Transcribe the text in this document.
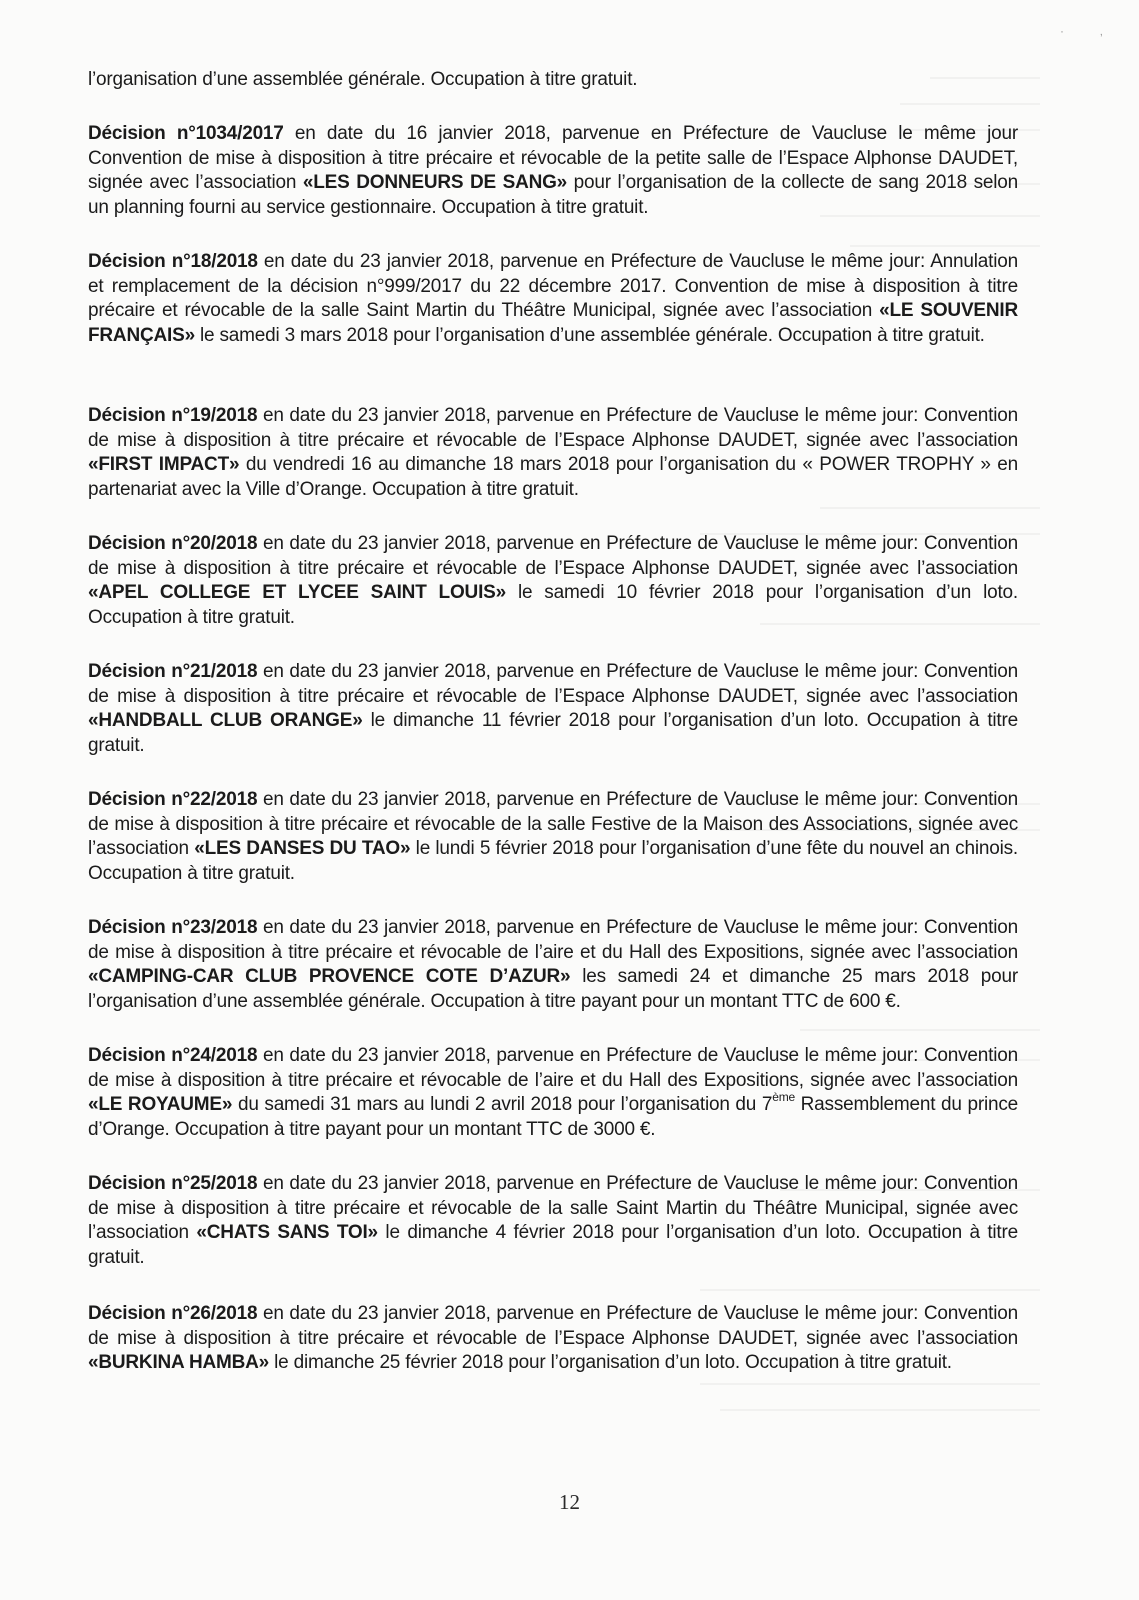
·	‚
l’organisation d’une assemblée générale. Occupation à titre gratuit.
Décision n°1034/2017 en date du 16 janvier 2018, parvenue en Préfecture de Vaucluse le même jour Convention de mise à disposition à titre précaire et révocable de la petite salle de l’Espace Alphonse DAUDET, signée avec l’association «LES DONNEURS DE SANG» pour l’organisation de la collecte de sang 2018 selon un planning fourni au service gestionnaire. Occupation à titre gratuit.
Décision n°18/2018 en date du 23 janvier 2018, parvenue en Préfecture de Vaucluse le même jour: Annulation et remplacement de la décision n°999/2017 du 22 décembre 2017. Convention de mise à disposition à titre précaire et révocable de la salle Saint Martin du Théâtre Municipal, signée avec l’association «LE SOUVENIR FRANÇAIS» le samedi 3 mars 2018 pour l’organisation d’une assemblée générale. Occupation à titre gratuit.
Décision n°19/2018 en date du 23 janvier 2018, parvenue en Préfecture de Vaucluse le même jour: Convention de mise à disposition à titre précaire et révocable de l’Espace Alphonse DAUDET, signée avec l’association «FIRST IMPACT» du vendredi 16 au dimanche 18 mars 2018 pour l’organisation du « POWER TROPHY » en partenariat avec la Ville d’Orange. Occupation à titre gratuit.
Décision n°20/2018 en date du 23 janvier 2018, parvenue en Préfecture de Vaucluse le même jour: Convention de mise à disposition à titre précaire et révocable de l’Espace Alphonse DAUDET, signée avec l’association «APEL COLLEGE ET LYCEE SAINT LOUIS» le samedi 10 février 2018 pour l’organisation d’un loto. Occupation à titre gratuit.
Décision n°21/2018 en date du 23 janvier 2018, parvenue en Préfecture de Vaucluse le même jour: Convention de mise à disposition à titre précaire et révocable de l’Espace Alphonse DAUDET, signée avec l’association «HANDBALL CLUB ORANGE» le dimanche 11 février 2018 pour l’organisation d’un loto. Occupation à titre gratuit.
Décision n°22/2018 en date du 23 janvier 2018, parvenue en Préfecture de Vaucluse le même jour: Convention de mise à disposition à titre précaire et révocable de la salle Festive de la Maison des Associations, signée avec l’association «LES DANSES DU TAO» le lundi 5 février 2018 pour l’organisation d’une fête du nouvel an chinois. Occupation à titre gratuit.
Décision n°23/2018 en date du 23 janvier 2018, parvenue en Préfecture de Vaucluse le même jour: Convention de mise à disposition à titre précaire et révocable de l’aire et du Hall des Expositions, signée avec l’association «CAMPING-CAR CLUB PROVENCE COTE D’AZUR» les samedi 24 et dimanche 25 mars 2018 pour l’organisation d’une assemblée générale. Occupation à titre payant pour un montant TTC de 600 €.
Décision n°24/2018 en date du 23 janvier 2018, parvenue en Préfecture de Vaucluse le même jour: Convention de mise à disposition à titre précaire et révocable de l’aire et du Hall des Expositions, signée avec l’association «LE ROYAUME» du samedi 31 mars au lundi 2 avril 2018 pour l’organisation du 7ème Rassemblement du prince d’Orange. Occupation à titre payant pour un montant TTC de 3000 €.
Décision n°25/2018 en date du 23 janvier 2018, parvenue en Préfecture de Vaucluse le même jour: Convention de mise à disposition à titre précaire et révocable de la salle Saint Martin du Théâtre Municipal, signée avec l’association «CHATS SANS TOI» le dimanche 4 février 2018 pour l’organisation d’un loto. Occupation à titre gratuit.
Décision n°26/2018 en date du 23 janvier 2018, parvenue en Préfecture de Vaucluse le même jour: Convention de mise à disposition à titre précaire et révocable de l’Espace Alphonse DAUDET, signée avec l’association «BURKINA HAMBA» le dimanche 25 février 2018 pour l’organisation d’un loto. Occupation à titre gratuit.
12
